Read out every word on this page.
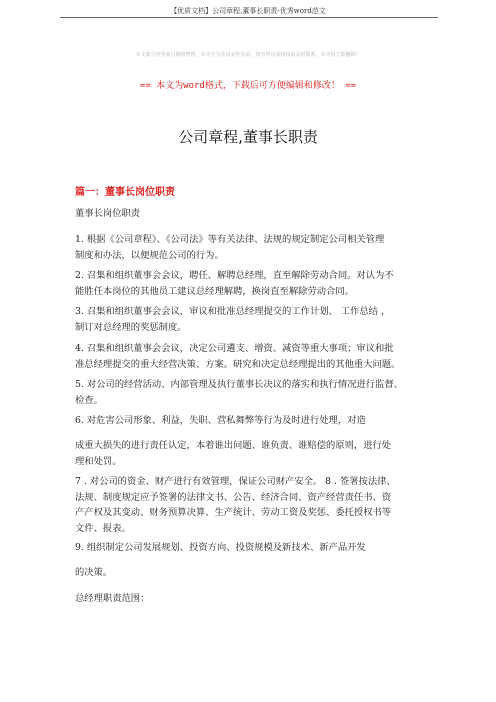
【优质文档】公司章程,董事长职责-优秀word范文
本文部分内容来自网络整理，本司不为其真实性负责，如有异议或侵权请及时联系，本司将立即删除！
== 本文为word格式，下载后可方便编辑和修改！ ==
公司章程,董事长职责
篇一：董事长岗位职责
董事长岗位职责
1. 根据《公司章程》、《公司法》等有关法律、法规的规定制定公司相关管理
制度和办法，以便规范公司的行为。
2. 召集和组织董事会会议，聘任、解聘总经理，直至解除劳动合同。对认为不
能胜任本岗位的其他员工建议总经理解聘，换岗直至解除劳动合同。
3. 召集和组织董事会会议，审议和批准总经理提交的工作计划、 工作总结 ，
制订对总经理的奖惩制度。
4. 召集和组织董事会会议，决定公司遴支、增资、减资等重大事项；审议和批
准总经理提交的重大经营决策、方案。研究和决定总经理提出的其他重大问题。
5. 对公司的经营活动、内部管理及执行董事长决议的落实和执行情况进行监督、
检查。
6. 对危害公司形象、利益，失职、营私舞弊等行为及时进行处理，对造
成重大损失的进行责任认定，本着谁出问题、谁负责、谁赔偿的原则，进行处
理和处罚。
7 . 对公司的资金、财产进行有效管理，保证公司财产安全。 8 . 签署按法律、
法规、制度规定应予签署的法律文书、公告、经济合同、资产经营责任书、资
产产权及其变动、财务预算决算、生产统计、劳动工资及奖惩、委托授权书等
文件、报表。
9. 组织制定公司发展规划、投资方向、投资规模及新技术、新产品开发
的决策。
总经理职责范围：
